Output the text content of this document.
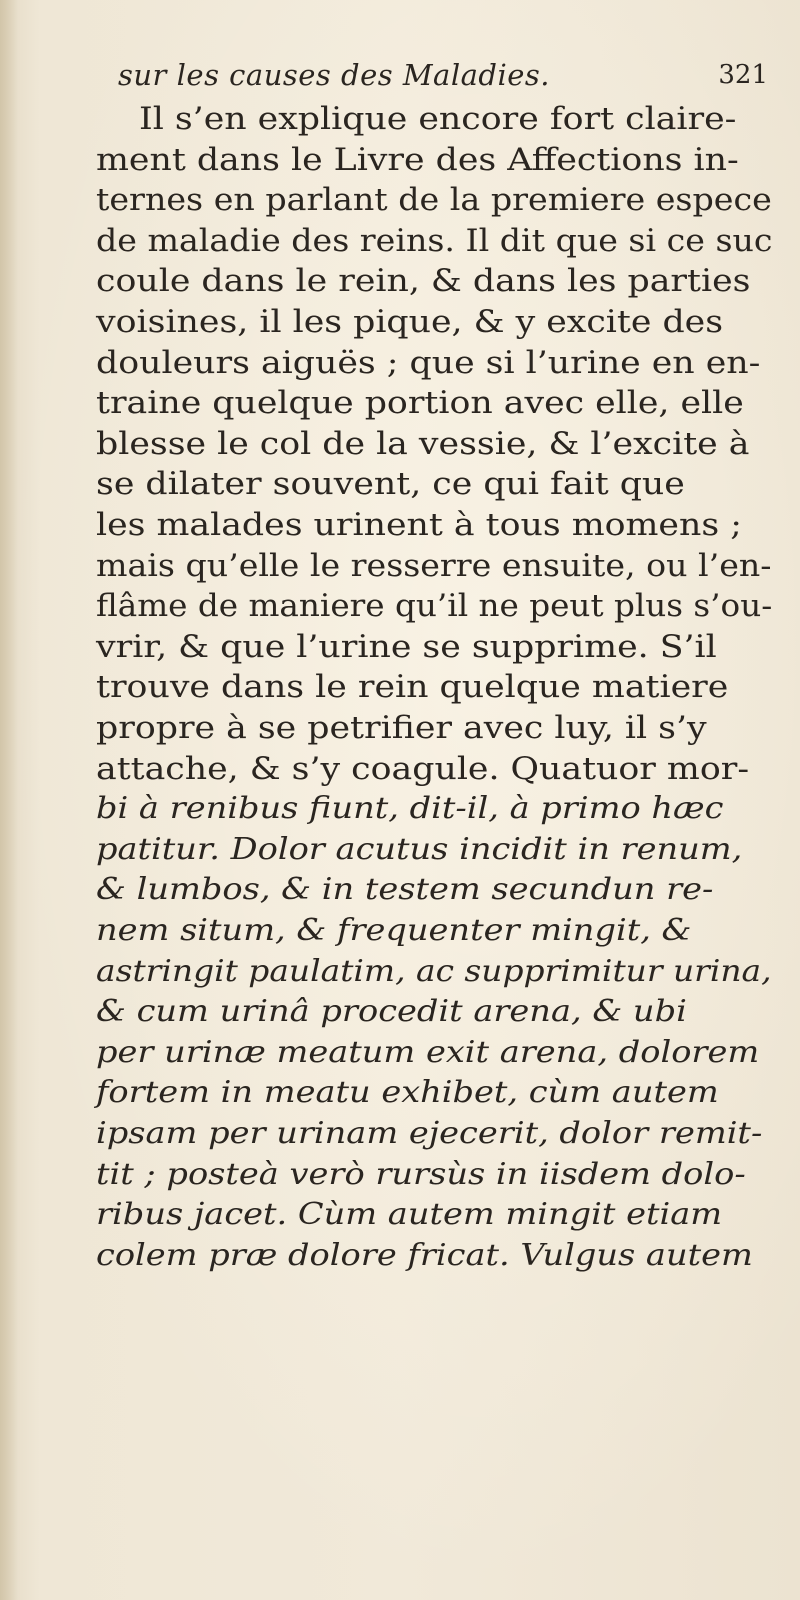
sur les causes des Maladies.	321
Il s’en explique encore fort claire-
ment dans le Livre des Affections in-
ternes en parlant de la premiere espece
de maladie des reins. Il dit que si ce suc
coule dans le rein, & dans les parties
voisines, il les pique, & y excite des
douleurs aiguës ; que si l’urine en en-
traine quelque portion avec elle, elle
blesse le col de la vessie, & l’excite à
se dilater souvent, ce qui fait que
les malades urinent à tous momens ;
mais qu’elle le resserre ensuite, ou l’en-
flâme de maniere qu’il ne peut plus s’ou-
vrir, & que l’urine se supprime. S’il
trouve dans le rein quelque matiere
propre à se petrifier avec luy, il s’y
attache, & s’y coagule. Quatuor mor-
bi à renibus fiunt, dit-il, à primo hæc
patitur. Dolor acutus incidit in renum,
& lumbos, & in testem secundun re-
nem situm, & frequenter mingit, &
astringit paulatim, ac supprimitur urina,
& cum urinâ procedit arena, & ubi
per urinæ meatum exit arena, dolorem
fortem in meatu exhibet, cùm autem
ipsam per urinam ejecerit, dolor remit-
tit ; posteà verò rursùs in iisdem dolo-
ribus jacet. Cùm autem mingit etiam
colem præ dolore fricat. Vulgus autem
